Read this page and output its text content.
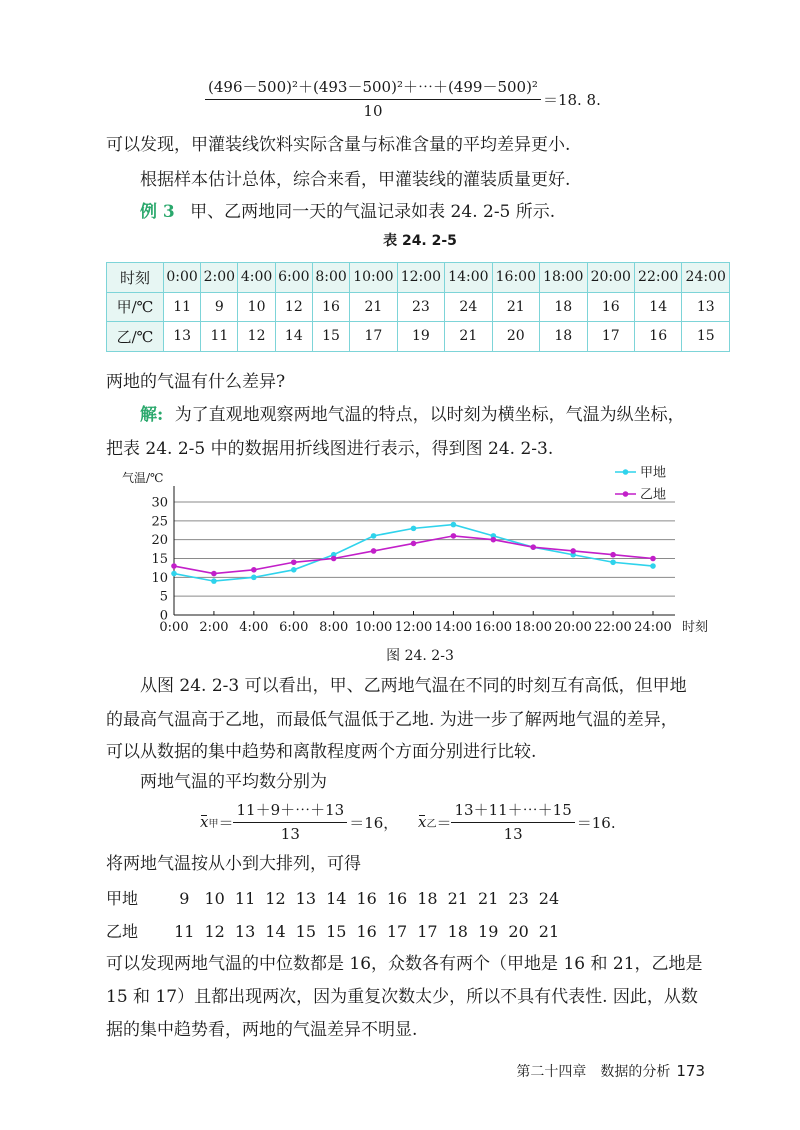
$\frac{\text{(496－500)²＋(493－500)²＋⋯＋(499－500)²}}{10} =18$. 8.
可以发现，甲灌装线饮料实际含量与标准含量的平均差异更小.
根据样本估计总体，综合来看，甲灌装线的灌装质量更好.
例 3 甲、乙两地同一天的气温记录如表 24. 2-5 所示.
表 24. 2-5
时刻	0:00	2:00	4:00	6:00	8:00	10:00	12:00	14:00	16:00	18:00	20:00	22:00	24:00
甲/℃	11	9	10	12	16	21	23	24	21	18	16	14	13
乙/℃	13	11	12	14	15	17	19	21	20	18	17	16	15
两地的气温有什么差异?
解: 为了直观地观察两地气温的特点，以时刻为横坐标，气温为纵坐标，
把表 24. 2-5 中的数据用折线图进行表示，得到图 24. 2-3.
0
5
10
15
20
25
30
0:00 2:00 4:00 6:00 8:00 10:00 12:00 14:00 16:00 18:00 20:00 22:00 24:00
气温/℃
时刻
甲地
乙地
图 24. 2-3
从图 24. 2-3 可以看出，甲、乙两地气温在不同的时刻互有高低，但甲地
的最高气温高于乙地，而最低气温低于乙地. 为进一步了解两地气温的差异，
可以从数据的集中趋势和离散程度两个方面分别进行比较.
两地气温的平均数分别为
x 甲 ＝ $\frac{11+9+\cdots+13}{13} =16$， x 乙 ＝ $\frac{13+11+\cdots+15}{13} =16$.
将两地气温按从小到大排列，可得
甲地	9 10 11 12 13 14 16 16 18 21 21 23 24
乙地 11 12 13 14 15 15 16 17 17 18 19 20 21
可以发现两地气温的中位数都是 16，众数各有两个（甲地是 16 和 21，乙地是
15 和 17）且都出现两次，因为重复次数太少，所以不具有代表性. 因此，从数
据的集中趋势看，两地的气温差异不明显.
第二十四章　数据的分析 173
